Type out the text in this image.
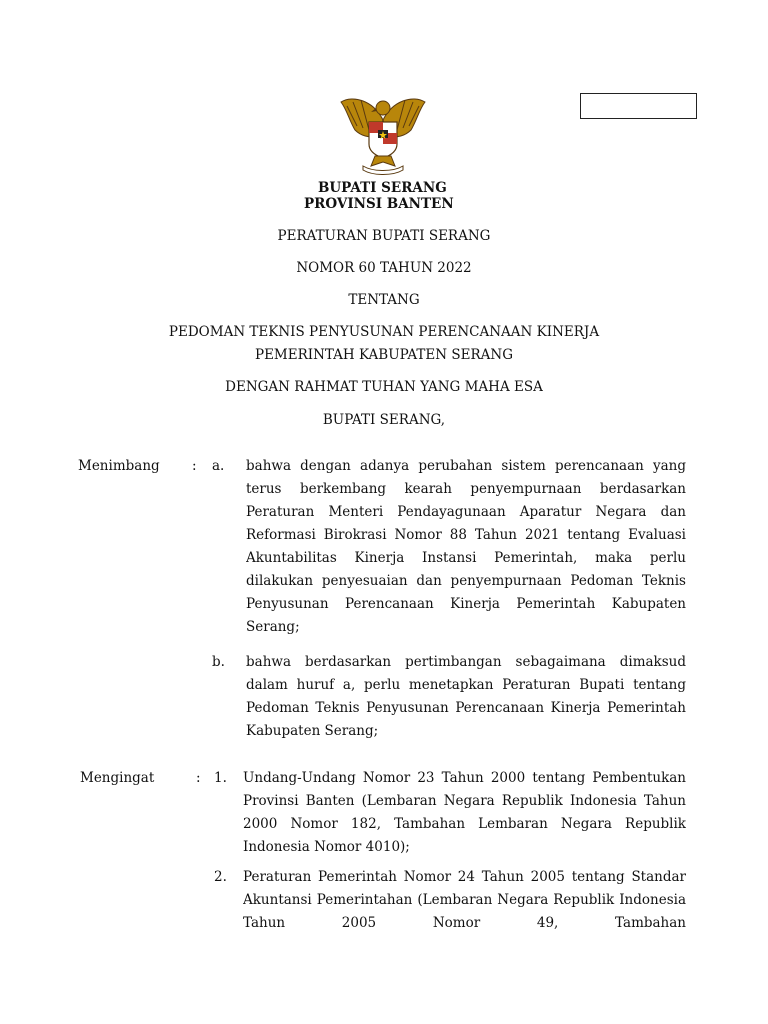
BUPATI SERANG
PROVINSI BANTEN
PERATURAN BUPATI SERANG
NOMOR 60 TAHUN 2022
TENTANG
PEDOMAN TEKNIS PENYUSUNAN PERENCANAAN KINERJA
PEMERINTAH KABUPATEN SERANG
DENGAN RAHMAT TUHAN YANG MAHA ESA
BUPATI SERANG,
Menimbang : a. bahwa dengan adanya perubahan sistem perencanaan yang terus berkembang kearah penyempurnaan berdasarkan Peraturan Menteri Pendayagunaan Aparatur Negara dan Reformasi Birokrasi Nomor 88 Tahun 2021 tentang Evaluasi Akuntabilitas Kinerja Instansi Pemerintah, maka perlu dilakukan penyesuaian dan penyempurnaan Pedoman Teknis Penyusunan Perencanaan Kinerja Pemerintah Kabupaten Serang;
b. bahwa berdasarkan pertimbangan sebagaimana dimaksud dalam huruf a, perlu menetapkan Peraturan Bupati tentang Pedoman Teknis Penyusunan Perencanaan Kinerja Pemerintah Kabupaten Serang;
Mengingat	: 1. Undang-Undang Nomor 23 Tahun 2000 tentang Pembentukan Provinsi Banten (Lembaran Negara Republik Indonesia Tahun 2000 Nomor 182, Tambahan Lembaran Negara Republik Indonesia Nomor 4010);
2. Peraturan Pemerintah Nomor 24 Tahun 2005 tentang Standar Akuntansi Pemerintahan (Lembaran Negara Republik Indonesia Tahun 2005 Nomor 49, Tambahan
